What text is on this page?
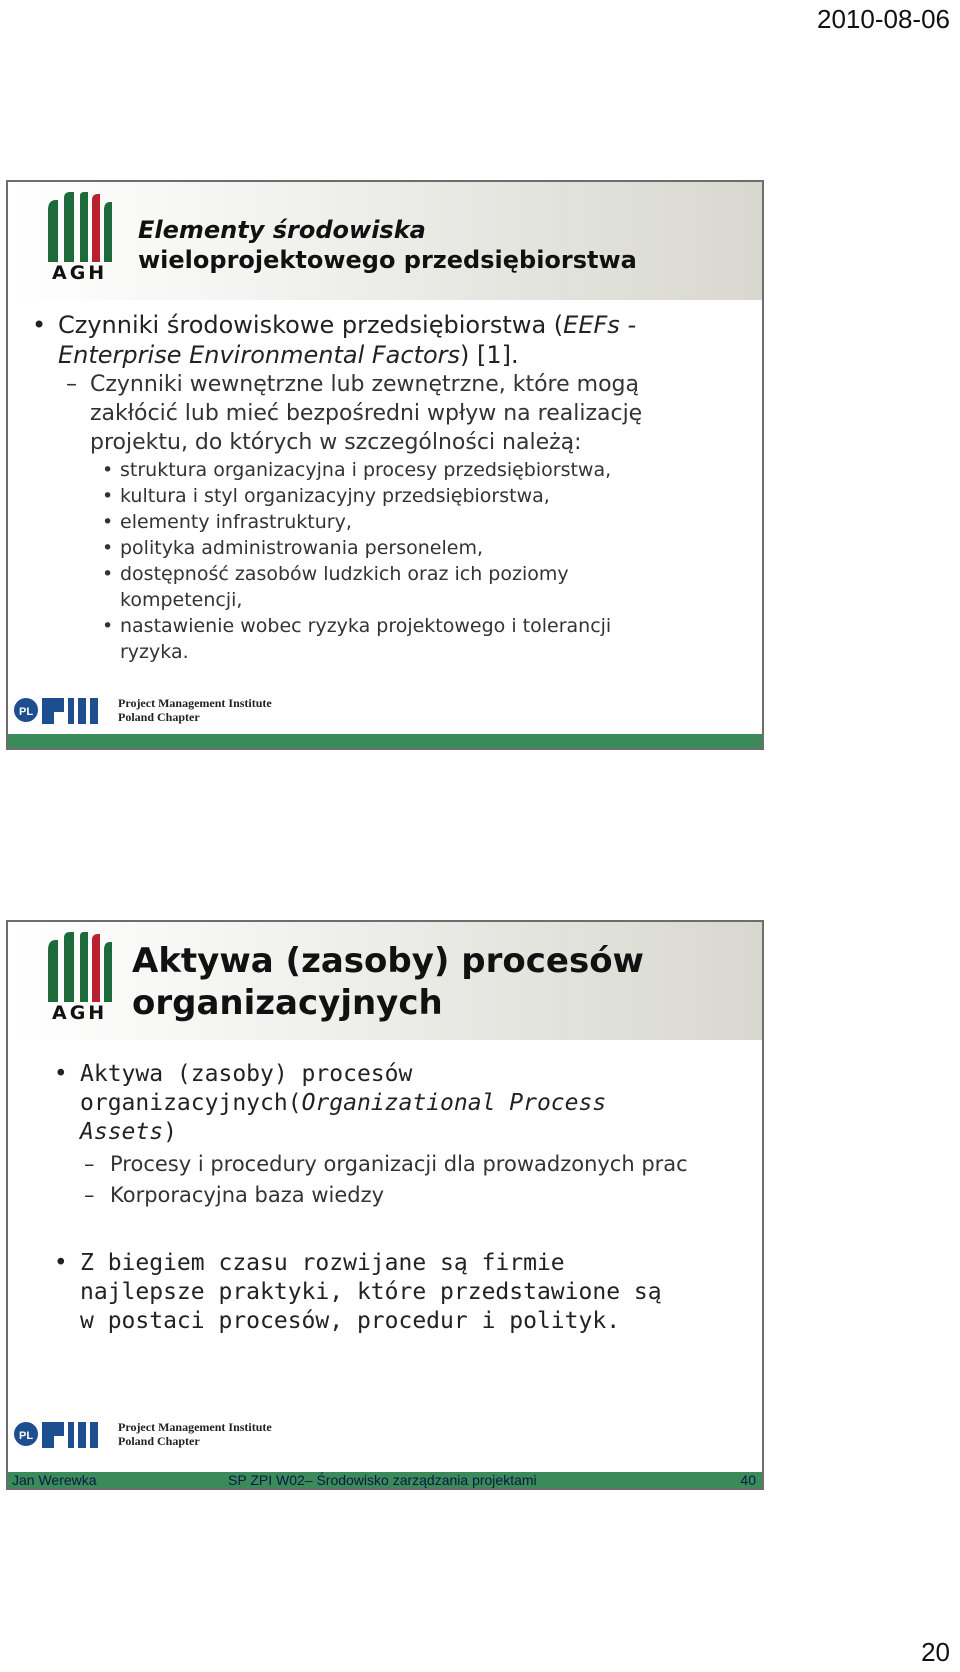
2010-08-06
AGH
Elementy środowiska
wieloprojektowego przedsiębiorstwa
• Czynniki środowiskowe przedsiębiorstwa (EEFs - Enterprise Environmental Factors) [1].
– Czynniki wewnętrzne lub zewnętrzne, które mogą zakłócić lub mieć bezpośredni wpływ na realizację projektu, do których w szczególności należą:
• struktura organizacyjna i procesy przedsiębiorstwa,
• kultura i styl organizacyjny przedsiębiorstwa,
• elementy infrastruktury,
• polityka administrowania personelem,
• dostępność zasobów ludzkich oraz ich poziomy kompetencji,
• nastawienie wobec ryzyka projektowego i tolerancji ryzyka.
PL
Project Management Institute
Poland Chapter
AGH
Aktywa (zasoby) procesów
organizacyjnych
• Aktywa (zasoby) procesów organizacyjnych(Organizational Process Assets)
– Procesy i procedury organizacji dla prowadzonych prac
– Korporacyjna baza wiedzy
• Z biegiem czasu rozwijane są firmie najlepsze praktyki, które przedstawione są w postaci procesów, procedur i polityk.
PL
Project Management Institute
Poland Chapter
Jan Werewka	SP ZPI W02– Środowisko zarządzania projektami	40
20
